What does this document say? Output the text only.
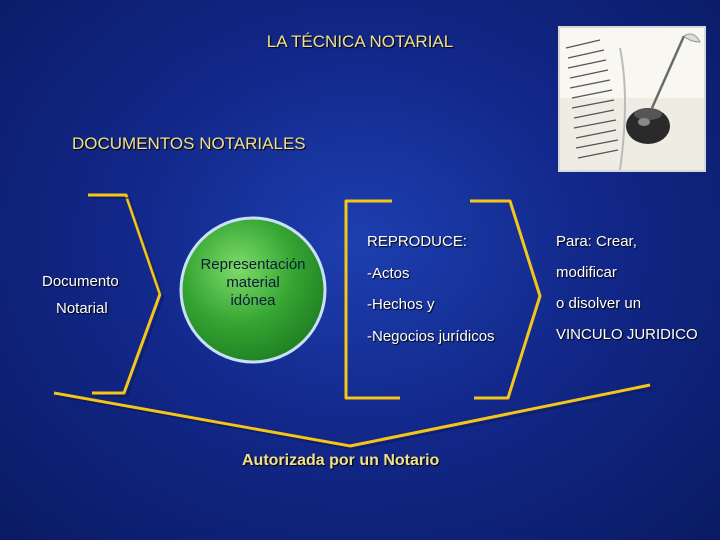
LA TÉCNICA NOTARIAL
DOCUMENTOS NOTARIALES
Documento
Notarial
Representación
material
idónea
REPRODUCE:
-Actos
-Hechos y
-Negocios jurídicos
Para: Crear,
modificar
o disolver un
VINCULO JURIDICO
Autorizada por un Notario
